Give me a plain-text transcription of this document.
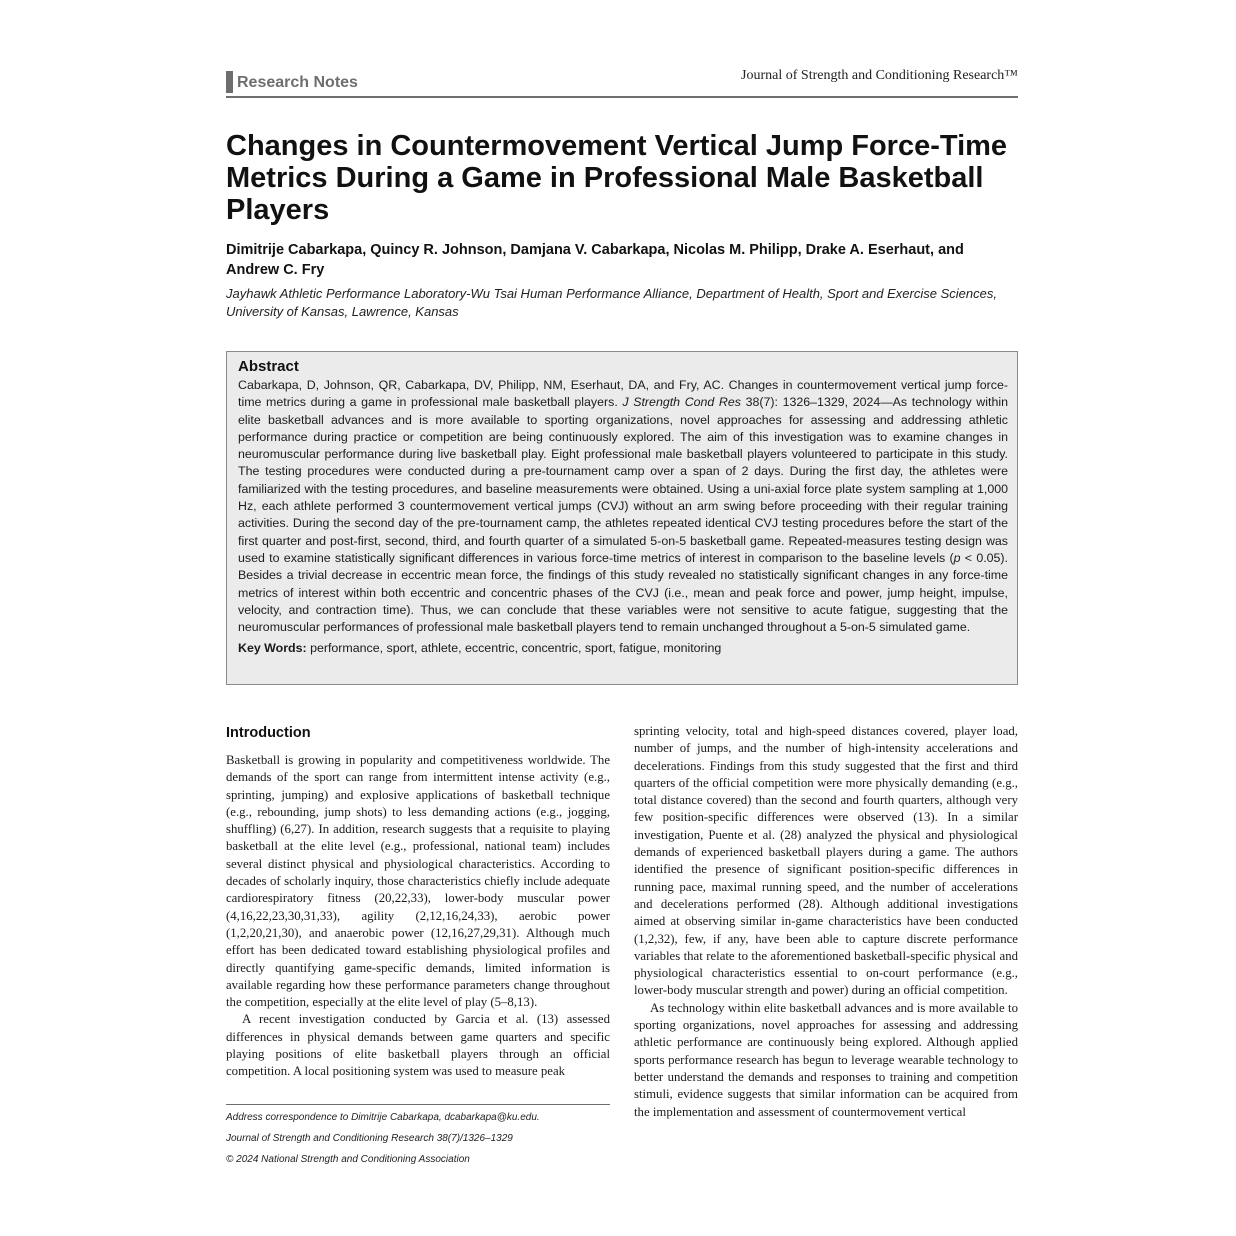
Research Notes	Journal of Strength and Conditioning Research™
Changes in Countermovement Vertical Jump Force-Time Metrics During a Game in Professional Male Basketball Players
Dimitrije Cabarkapa, Quincy R. Johnson, Damjana V. Cabarkapa, Nicolas M. Philipp, Drake A. Eserhaut, and Andrew C. Fry
Jayhawk Athletic Performance Laboratory-Wu Tsai Human Performance Alliance, Department of Health, Sport and Exercise Sciences, University of Kansas, Lawrence, Kansas
Abstract

Cabarkapa, D, Johnson, QR, Cabarkapa, DV, Philipp, NM, Eserhaut, DA, and Fry, AC. Changes in countermovement vertical jump force-time metrics during a game in professional male basketball players. J Strength Cond Res 38(7): 1326–1329, 2024—As technology within elite basketball advances and is more available to sporting organizations, novel approaches for assessing and addressing athletic performance during practice or competition are being continuously explored. The aim of this investigation was to examine changes in neuromuscular performance during live basketball play. Eight professional male basketball players volunteered to participate in this study. The testing procedures were conducted during a pre-tournament camp over a span of 2 days. During the first day, the athletes were familiarized with the testing procedures, and baseline measurements were obtained. Using a uni-axial force plate system sampling at 1,000 Hz, each athlete performed 3 countermovement vertical jumps (CVJ) without an arm swing before proceeding with their regular training activities. During the second day of the pre-tournament camp, the athletes repeated identical CVJ testing procedures before the start of the first quarter and post-first, second, third, and fourth quarter of a simulated 5-on-5 basketball game. Repeated-measures testing design was used to examine statistically significant differences in various force-time metrics of interest in comparison to the baseline levels (p < 0.05). Besides a trivial decrease in eccentric mean force, the findings of this study revealed no statistically significant changes in any force-time metrics of interest within both eccentric and concentric phases of the CVJ (i.e., mean and peak force and power, jump height, impulse, velocity, and contraction time). Thus, we can conclude that these variables were not sensitive to acute fatigue, suggesting that the neuromuscular performances of professional male basketball players tend to remain unchanged throughout a 5-on-5 simulated game.

Key Words: performance, sport, athlete, eccentric, concentric, sport, fatigue, monitoring
Introduction

Basketball is growing in popularity and competitiveness worldwide. The demands of the sport can range from intermittent intense activity (e.g., sprinting, jumping) and explosive applications of basketball technique (e.g., rebounding, jump shots) to less demanding actions (e.g., jogging, shuffling) (6,27). In addition, research suggests that a requisite to playing basketball at the elite level (e.g., professional, national team) includes several distinct physical and physiological characteristics. According to decades of scholarly inquiry, those characteristics chiefly include adequate cardiorespiratory fitness (20,22,33), lower-body muscular power (4,16,22,23,30,31,33), agility (2,12,16,24,33), aerobic power (1,2,20,21,30), and anaerobic power (12,16,27,29,31). Although much effort has been dedicated toward establishing physiological profiles and directly quantifying game-specific demands, limited information is available regarding how these performance parameters change throughout the competition, especially at the elite level of play (5–8,13).

A recent investigation conducted by Garcia et al. (13) assessed differences in physical demands between game quarters and specific playing positions of elite basketball players through an official competition. A local positioning system was used to measure peak

sprinting velocity, total and high-speed distances covered, player load, number of jumps, and the number of high-intensity accelerations and decelerations. Findings from this study suggested that the first and third quarters of the official competition were more physically demanding (e.g., total distance covered) than the second and fourth quarters, although very few position-specific differences were observed (13). In a similar investigation, Puente et al. (28) analyzed the physical and physiological demands of experienced basketball players during a game. The authors identified the presence of significant position-specific differences in running pace, maximal running speed, and the number of accelerations and decelerations performed (28). Although additional investigations aimed at observing similar in-game characteristics have been conducted (1,2,32), few, if any, have been able to capture discrete performance variables that relate to the aforementioned basketball-specific physical and physiological characteristics essential to on-court performance (e.g., lower-body muscular strength and power) during an official competition.

As technology within elite basketball advances and is more available to sporting organizations, novel approaches for assessing and addressing athletic performance are continuously being explored. Although applied sports performance research has begun to leverage wearable technology to better understand the demands and responses to training and competition stimuli, evidence suggests that similar information can be acquired from the implementation and assessment of countermovement vertical

Address correspondence to Dimitrije Cabarkapa, dcabarkapa@ku.edu.
Journal of Strength and Conditioning Research 38(7)/1326–1329
© 2024 National Strength and Conditioning Association
